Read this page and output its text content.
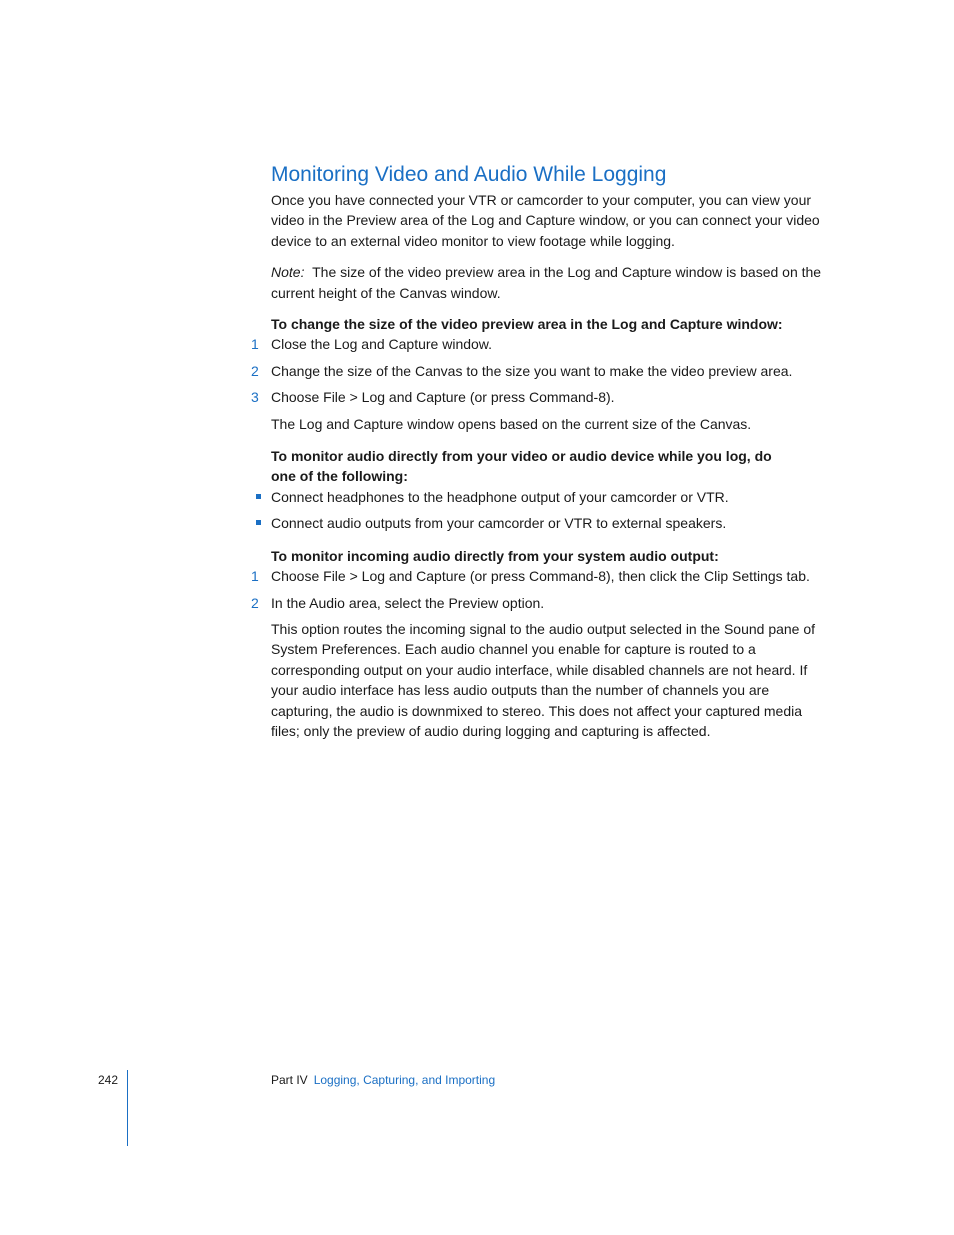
Monitoring Video and Audio While Logging

Once you have connected your VTR or camcorder to your computer, you can view your video in the Preview area of the Log and Capture window, or you can connect your video device to an external video monitor to view footage while logging.

Note: The size of the video preview area in the Log and Capture window is based on the current height of the Canvas window.

To change the size of the video preview area in the Log and Capture window:
1 Close the Log and Capture window.
2 Change the size of the Canvas to the size you want to make the video preview area.
3 Choose File > Log and Capture (or press Command-8).

The Log and Capture window opens based on the current size of the Canvas.

To monitor audio directly from your video or audio device while you log, do
one of the following:
Connect headphones to the headphone output of your camcorder or VTR.
Connect audio outputs from your camcorder or VTR to external speakers.
To monitor incoming audio directly from your system audio output:
1 Choose File > Log and Capture (or press Command-8), then click the Clip Settings tab.
2 In the Audio area, select the Preview option.

This option routes the incoming signal to the audio output selected in the Sound pane of System Preferences. Each audio channel you enable for capture is routed to a corresponding output on your audio interface, while disabled channels are not heard. If your audio interface has less audio outputs than the number of channels you are capturing, the audio is downmixed to stereo. This does not affect your captured media files; only the preview of audio during logging and capturing is affected.

242	Part IV Logging, Capturing, and Importing
